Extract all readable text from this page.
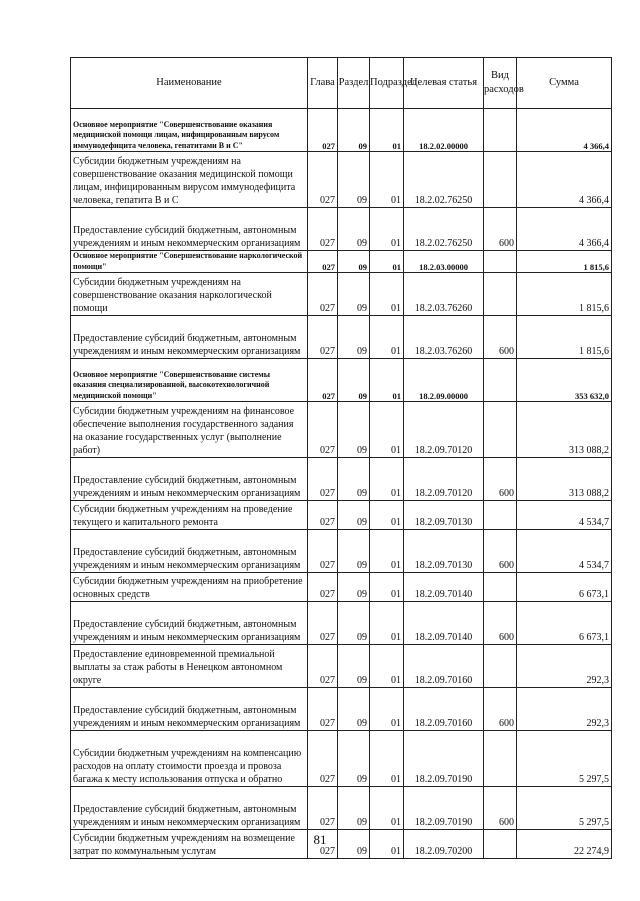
Наименование	Глава	Раздел	Подраздел	Целевая статья	Вид расходов	Сумма
Основное мероприятие "Совершенствование оказания медицинской помощи лицам, инфицированным вирусом иммунодефицита человека, гепатитами В и С"	027	09	01	18.2.02.00000		4 366,4
Субсидии бюджетным учреждениям на совершенствование оказания медицинской помощи лицам, инфицированным вирусом иммунодефицита человека, гепатита В и С	027	09	01	18.2.02.76250		4 366,4
Предоставление субсидий бюджетным, автономным учреждениям и иным некоммерческим организациям	027	09	01	18.2.02.76250	600	4 366,4
Основное мероприятие "Совершенствование наркологической помощи"	027	09	01	18.2.03.00000		1 815,6
Субсидии бюджетным учреждениям на совершенствование оказания наркологической помощи	027	09	01	18.2.03.76260		1 815,6
Предоставление субсидий бюджетным, автономным учреждениям и иным некоммерческим организациям	027	09	01	18.2.03.76260	600	1 815,6
Основное мероприятие "Совершенствование системы оказания специализированной, высокотехнологичной медицинской помощи"	027	09	01	18.2.09.00000		353 632,0
Субсидии бюджетным учреждениям на финансовое обеспечение выполнения государственного задания на оказание государственных услуг (выполнение работ)	027	09	01	18.2.09.70120		313 088,2
Предоставление субсидий бюджетным, автономным учреждениям и иным некоммерческим организациям	027	09	01	18.2.09.70120	600	313 088,2
Субсидии бюджетным учреждениям на проведение текущего и капитального ремонта	027	09	01	18.2.09.70130		4 534,7
Предоставление субсидий бюджетным, автономным учреждениям и иным некоммерческим организациям	027	09	01	18.2.09.70130	600	4 534,7
Субсидии бюджетным учреждениям на приобретение основных средств	027	09	01	18.2.09.70140		6 673,1
Предоставление субсидий бюджетным, автономным учреждениям и иным некоммерческим организациям	027	09	01	18.2.09.70140	600	6 673,1
Предоставление единовременной премиальной выплаты за стаж работы в Ненецком автономном округе	027	09	01	18.2.09.70160		292,3
Предоставление субсидий бюджетным, автономным учреждениям и иным некоммерческим организациям	027	09	01	18.2.09.70160	600	292,3
Субсидии бюджетным учреждениям на компенсацию расходов на оплату стоимости проезда и провоза багажа к месту использования отпуска и обратно	027	09	01	18.2.09.70190		5 297,5
Предоставление субсидий бюджетным, автономным учреждениям и иным некоммерческим организациям	027	09	01	18.2.09.70190	600	5 297,5
Субсидии бюджетным учреждениям на возмещение затрат по коммунальным услугам	027	09	01	18.2.09.70200		22 274,9
81
